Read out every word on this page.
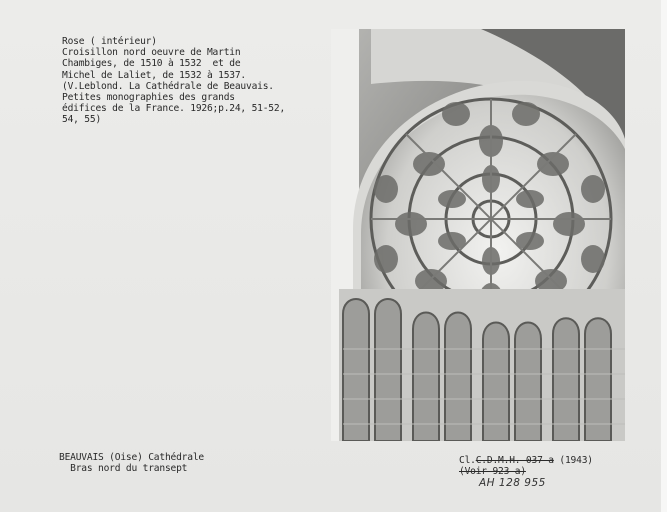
Rose ( intérieur)
Croisillon nord oeuvre de Martin
Chambiges, de 1510 à 1532  et de
Michel de Laliet, de 1532 à 1537.
(V.Leblond. La Cathédrale de Beauvais.
Petites monographies des grands
édifices de la France. 1926;p.24, 51-52,
54, 55)
BEAUVAIS (Oise) Cathédrale
Bras nord du transept
Cl.C.D.M.H. 037 a (1943)
(Voir 923 a)
AH 128 955
